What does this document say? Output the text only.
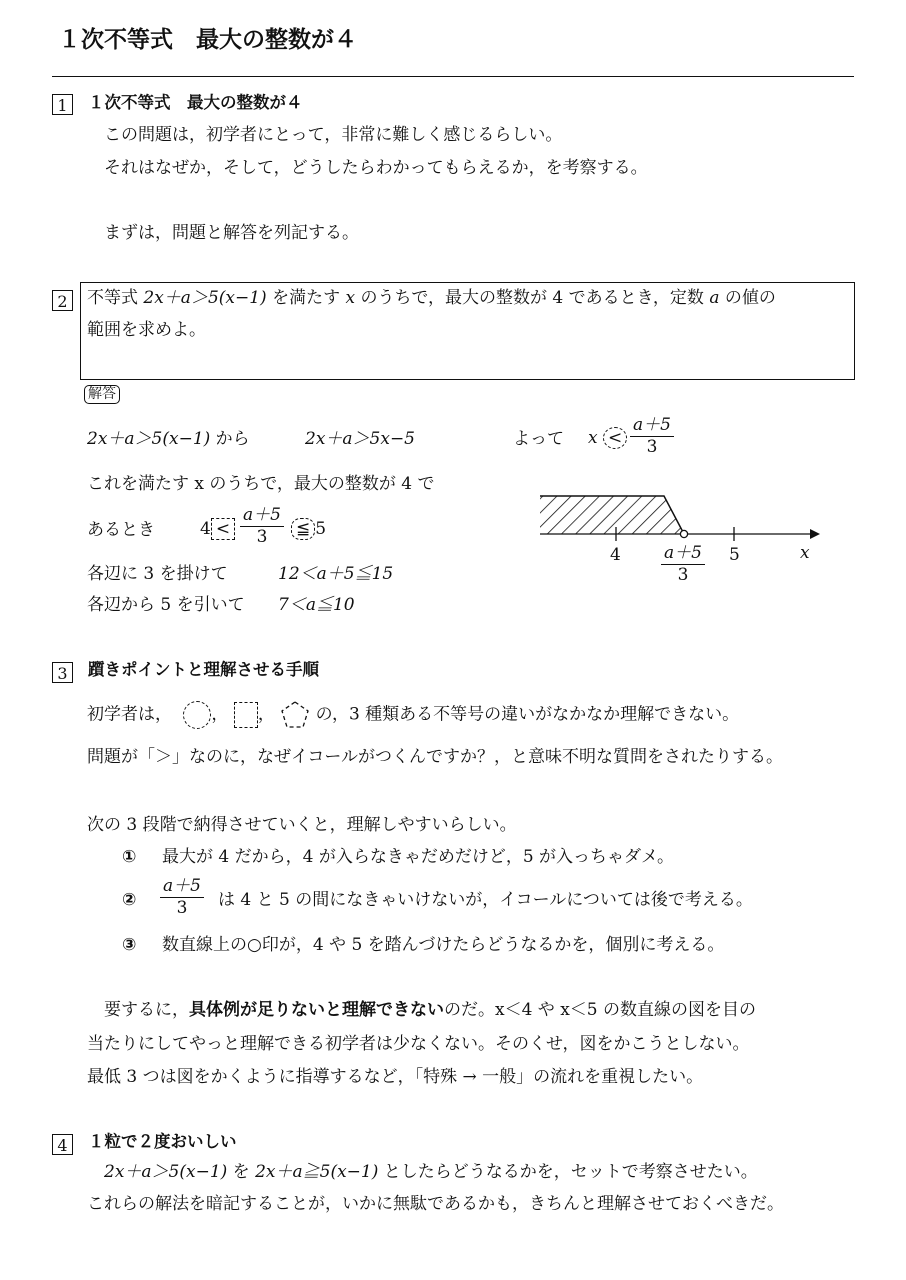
１次不等式　最大の整数が４
1	１次不等式　最大の整数が４
この問題は，初学者にとって，非常に難しく感じるらしい。
それはなぜか，そして，どうしたらわかってもらえるか，を考察する。
まずは，問題と解答を列記する。
2	不等式 2x＋a＞5(x−1) を満たす x のうちで，最大の整数が 4 であるとき，定数 a の値の
範囲を求めよ。
解答
2x＋a＞5(x−1) から	2x＋a＞5x−5	よって $x < \frac{a+5}{3}$
これを満たす x のうちで，最大の整数が 4 で
あるとき	$4 < \frac{a+5}{3}$ ≦ 5
各辺に 3 を掛けて	12＜a＋5≦15
各辺から 5 を引いて 7＜a≦10
4	5	x
$\frac{a+5}{3}$
3	躓きポイントと理解させる手順
初学者は， ， ， の，3 種類ある不等号の違いがなかなか理解できない。
問題が「＞」なのに，なぜイコールがつくんですか？，と意味不明な質問をされたりする。
次の 3 段階で納得させていくと，理解しやすいらしい。
① 最大が 4 だから，4 が入らなきゃだめだけど，5 が入っちゃダメ。
② $\frac{a+5}{3}$ は 4 と 5 の間になきゃいけないが，イコールについては後で考える。
③ 数直線上の○印が，4 や 5 を踏んづけたらどうなるかを，個別に考える。
要するに，具体例が足りないと理解できないのだ。x＜4 や x＜5 の数直線の図を目の
当たりにしてやっと理解できる初学者は少なくない。そのくせ，図をかこうとしない。
最低 3 つは図をかくように指導するなど，「特殊 → 一般」の流れを重視したい。
4	１粒で２度おいしい
2x＋a＞5(x−1) を 2x＋a≧5(x−1) としたらどうなるかを，セットで考察させたい。
これらの解法を暗記することが，いかに無駄であるかも，きちんと理解させておくべきだ。
